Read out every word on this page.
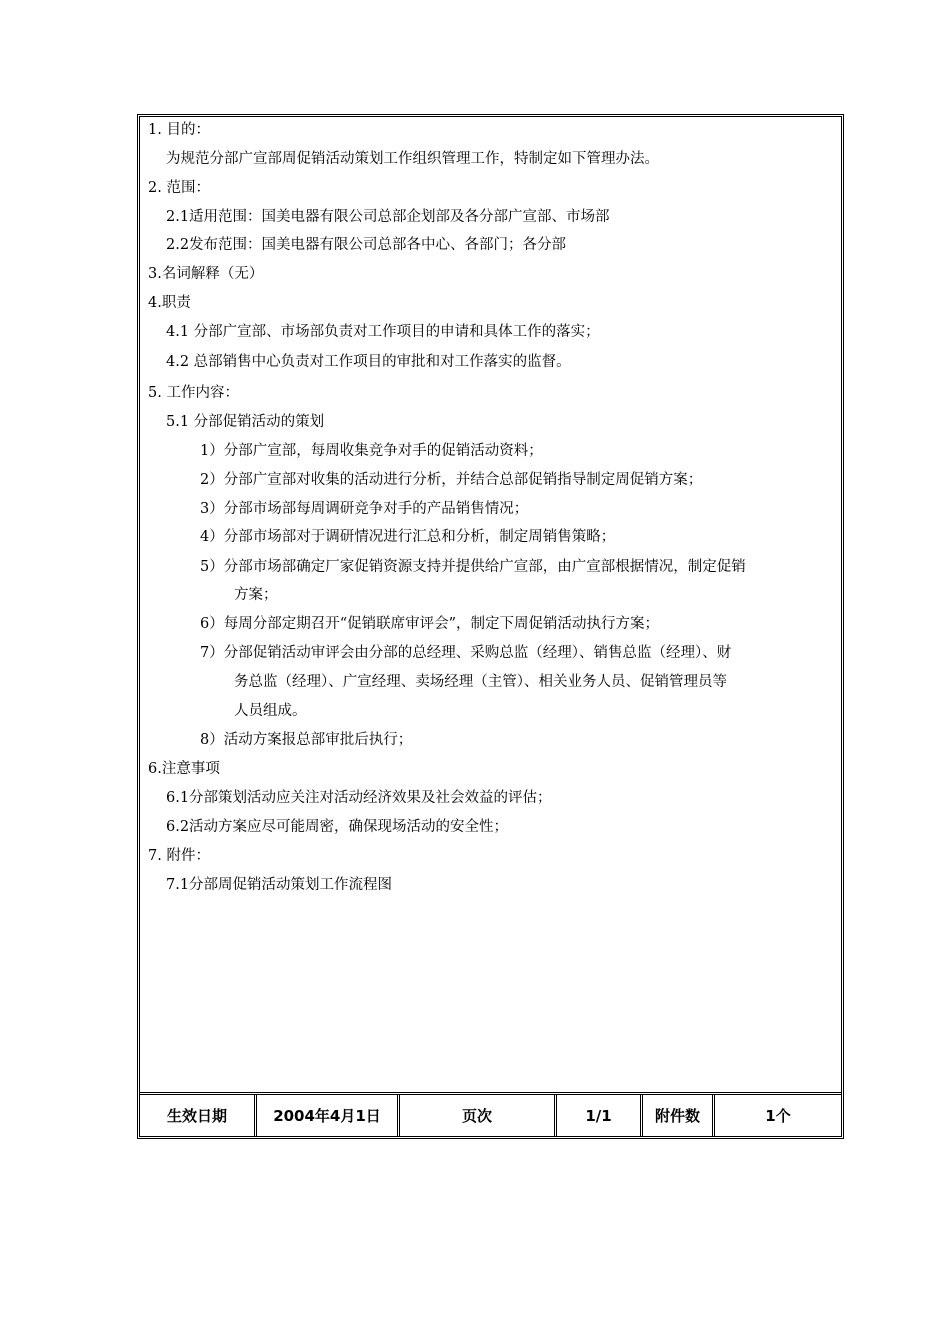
1. 目的：
为规范分部广宣部周促销活动策划工作组织管理工作，特制定如下管理办法。
2. 范围：
2.1适用范围：国美电器有限公司总部企划部及各分部广宣部、市场部
2.2发布范围：国美电器有限公司总部各中心、各部门；各分部
3.名词解释（无）
4.职责
4.1 分部广宣部、市场部负责对工作项目的申请和具体工作的落实；
4.2 总部销售中心负责对工作项目的审批和对工作落实的监督。
5. 工作内容：
5.1 分部促销活动的策划
1）分部广宣部，每周收集竞争对手的促销活动资料；
2）分部广宣部对收集的活动进行分析，并结合总部促销指导制定周促销方案；
3）分部市场部每周调研竞争对手的产品销售情况；
4）分部市场部对于调研情况进行汇总和分析，制定周销售策略；
5）分部市场部确定厂家促销资源支持并提供给广宣部，由广宣部根据情况，制定促销
方案；
6）每周分部定期召开“促销联席审评会”，制定下周促销活动执行方案；
7）分部促销活动审评会由分部的总经理、采购总监（经理）、销售总监（经理）、财
务总监（经理）、广宣经理、卖场经理（主管）、相关业务人员、促销管理员等
人员组成。
8）活动方案报总部审批后执行；
6.注意事项
6.1分部策划活动应关注对活动经济效果及社会效益的评估；
6.2活动方案应尽可能周密，确保现场活动的安全性；
7. 附件：
7.1分部周促销活动策划工作流程图
生效日期	2004年4月1日	页次	1/1	附件数	1个
